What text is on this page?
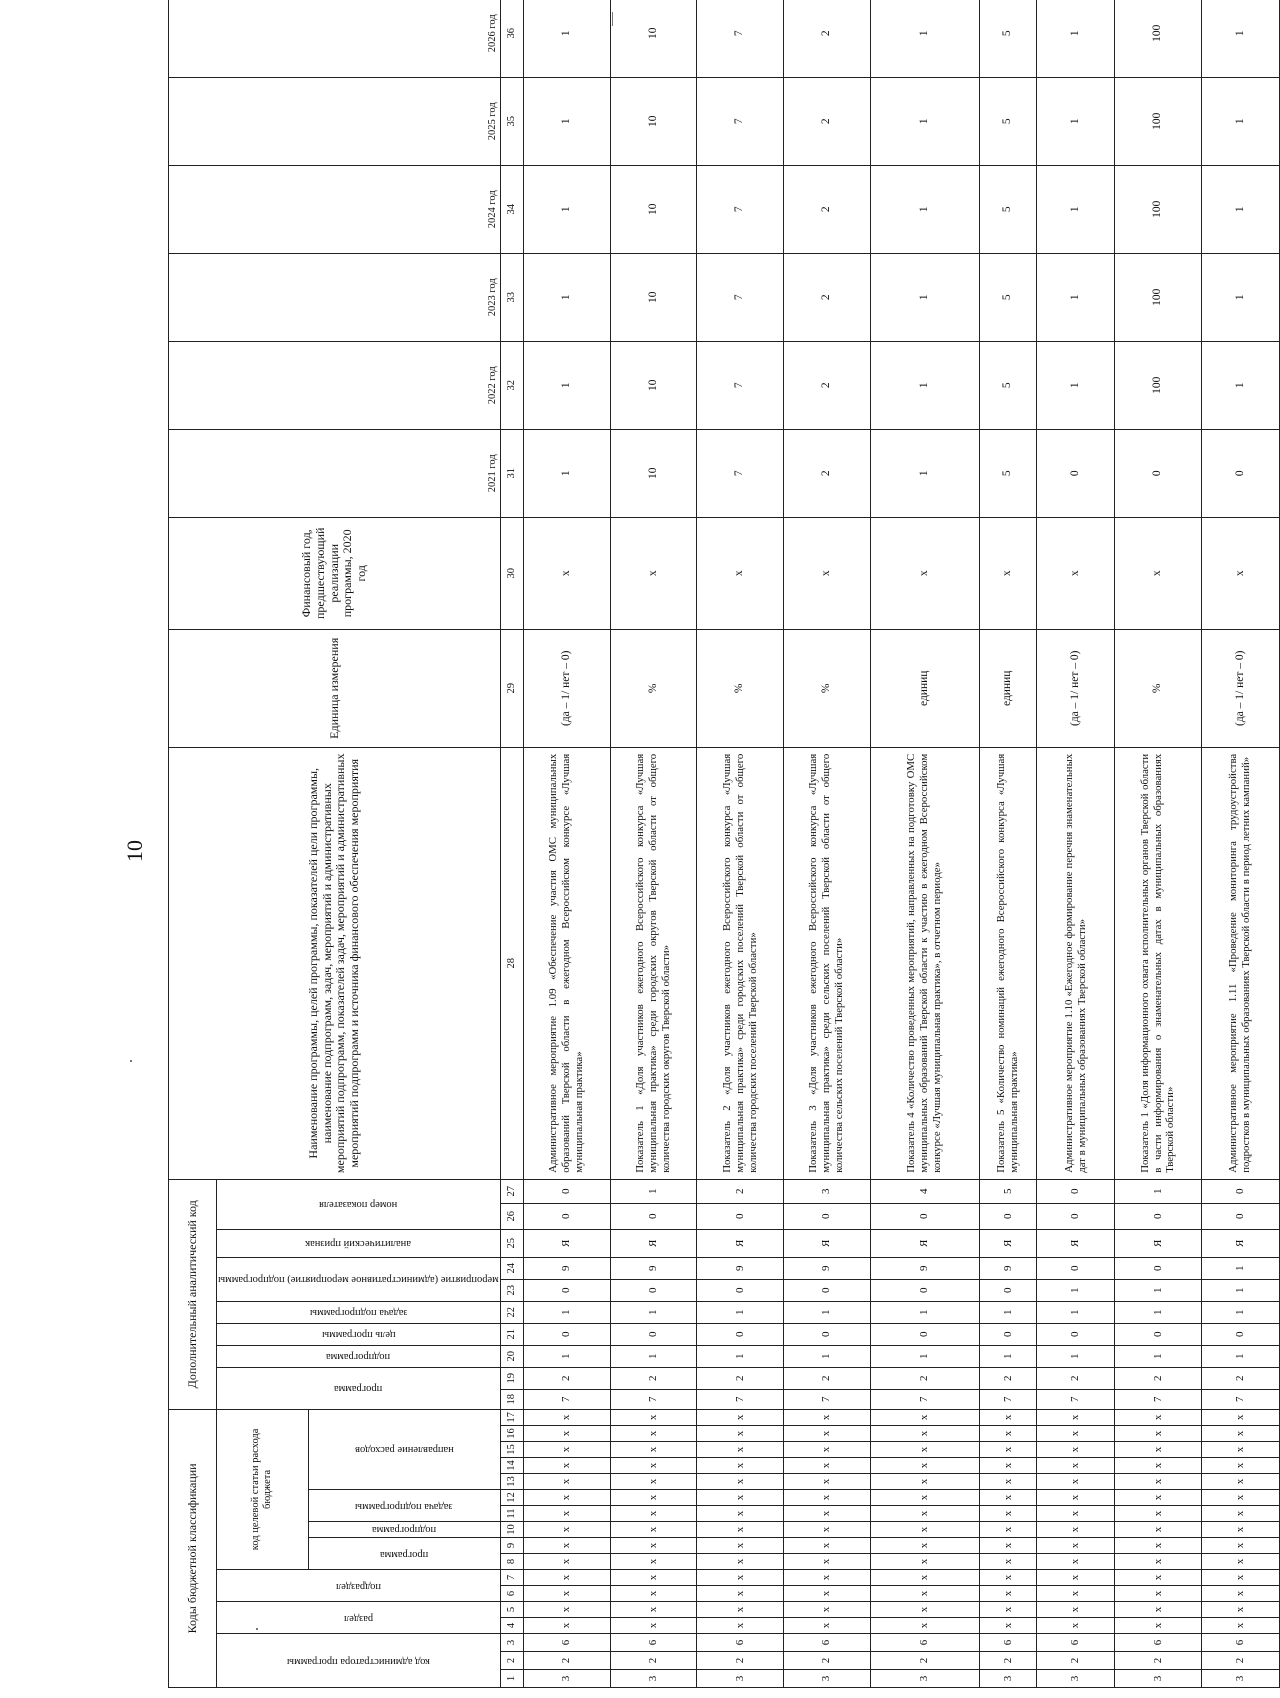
10
Коды бюджетной классификации																	Дополнительный аналитический код										Наименование программы, целей программы, показателей цели программы, наименование подпрограмм, задач, мероприятий и административных мероприятий подпрограмм, показателей задач, мероприятий и административных мероприятий подпрограмм и источника финансового обеспечения мероприятия	Единица измерения	Финансовый год, предшествующий реализации программы, 2020 год	2021 год	2022 год	2023 год	2024 год	2025 год	2026 год

код администратора программы			раздел		подраздел		код целевой статьи расхода бюджета										программа		подпрограмма	цель программы	задача подпрограммы	мероприятие (административное мероприятие) подпрограммы		аналитический признак	номер показателя

							программа		подпрограмма	задача подпрограммы		направление расходов																								

1	2	3	4	5	6	7	8	9	10	11	12	13	14	15	16	17	18	19	20	21	22	23	24	25	26	27	28	29	30	31	32	33	34	35	36	
3	2	6	х	х	х	х	х	х	х	х	х	х	х	х	х	х	7	2	1	0	1	0	9	Я	0	0	Административное мероприятие 1.09 «Обеспечение участия ОМС муниципальных образований Тверской области в ежегодном Всероссийском конкурсе «Лучшая муниципальная практика»	(да – 1/ нет – 0)	х	1	1	1	1	1	1	
3	2	6	х	х	х	х	х	х	х	х	х	х	х	х	х	х	7	2	1	0	1	0	9	Я	0	1	Показатель 1 «Доля участников ежегодного Всероссийского конкурса «Лучшая муниципальная практика» среди городских округов Тверской области от общего количества городских округов Тверской области»	%	х	10	10	10	10	10	10	
3	2	6	х	х	х	х	х	х	х	х	х	х	х	х	х	х	7	2	1	0	1	0	9	Я	0	2	Показатель 2 «Доля участников ежегодного Всероссийского конкурса «Лучшая муниципальная практика» среди городских поселений Тверской области от общего количества городских поселений Тверской области»	%	х	7	7	7	7	7	7	
3	2	6	х	х	х	х	х	х	х	х	х	х	х	х	х	х	7	2	1	0	1	0	9	Я	0	3	Показатель 3 «Доля участников ежегодного Всероссийского конкурса «Лучшая муниципальная практика» среди сельских поселений Тверской области от общего количества сельских поселений Тверской области»	%	х	2	2	2	2	2	2	
3	2	6	х	х	х	х	х	х	х	х	х	х	х	х	х	х	7	2	1	0	1	0	9	Я	0	4	Показатель 4 «Количество проведенных мероприятий, направленных на подготовку ОМС муниципальных образований Тверской области к участию в ежегодном Всероссийском конкурсе «Лучшая муниципальная практика», в отчетном периоде»	единиц	х	1	1	1	1	1	1	
3	2	6	х	х	х	х	х	х	х	х	х	х	х	х	х	х	7	2	1	0	1	0	9	Я	0	5	Показатель 5 «Количество номинаций ежегодного Всероссийского конкурса «Лучшая муниципальная практика»	единиц	х	5	5	5	5	5	5	
3	2	6	х	х	х	х	х	х	х	х	х	х	х	х	х	х	7	2	1	0	1	1	0	Я	0	0	Административное мероприятие 1.10 «Ежегодное формирование перечня знаменательных дат в муниципальных образованиях Тверской области»	(да – 1/ нет – 0)	х	0	1	1	1	1	1	
3	2	6	х	х	х	х	х	х	х	х	х	х	х	х	х	х	7	2	1	0	1	1	0	Я	0	1	Показатель 1 «Доля информационного охвата исполнительных органов Тверской области в части информирования о знаменательных датах в муниципальных образованиях Тверской области»	%	х	0	100	100	100	100	100	
3	2	6	х	х	х	х	х	х	х	х	х	х	х	х	х	х	7	2	1	0	1	1	1	Я	0	0	Административное мероприятие 1.11 «Проведение мониторинга трудоустройства подростков в муниципальных образованиях Тверской области в период летних кампаний»	(да – 1/ нет – 0)	х	0	1	1	1	1	1	
